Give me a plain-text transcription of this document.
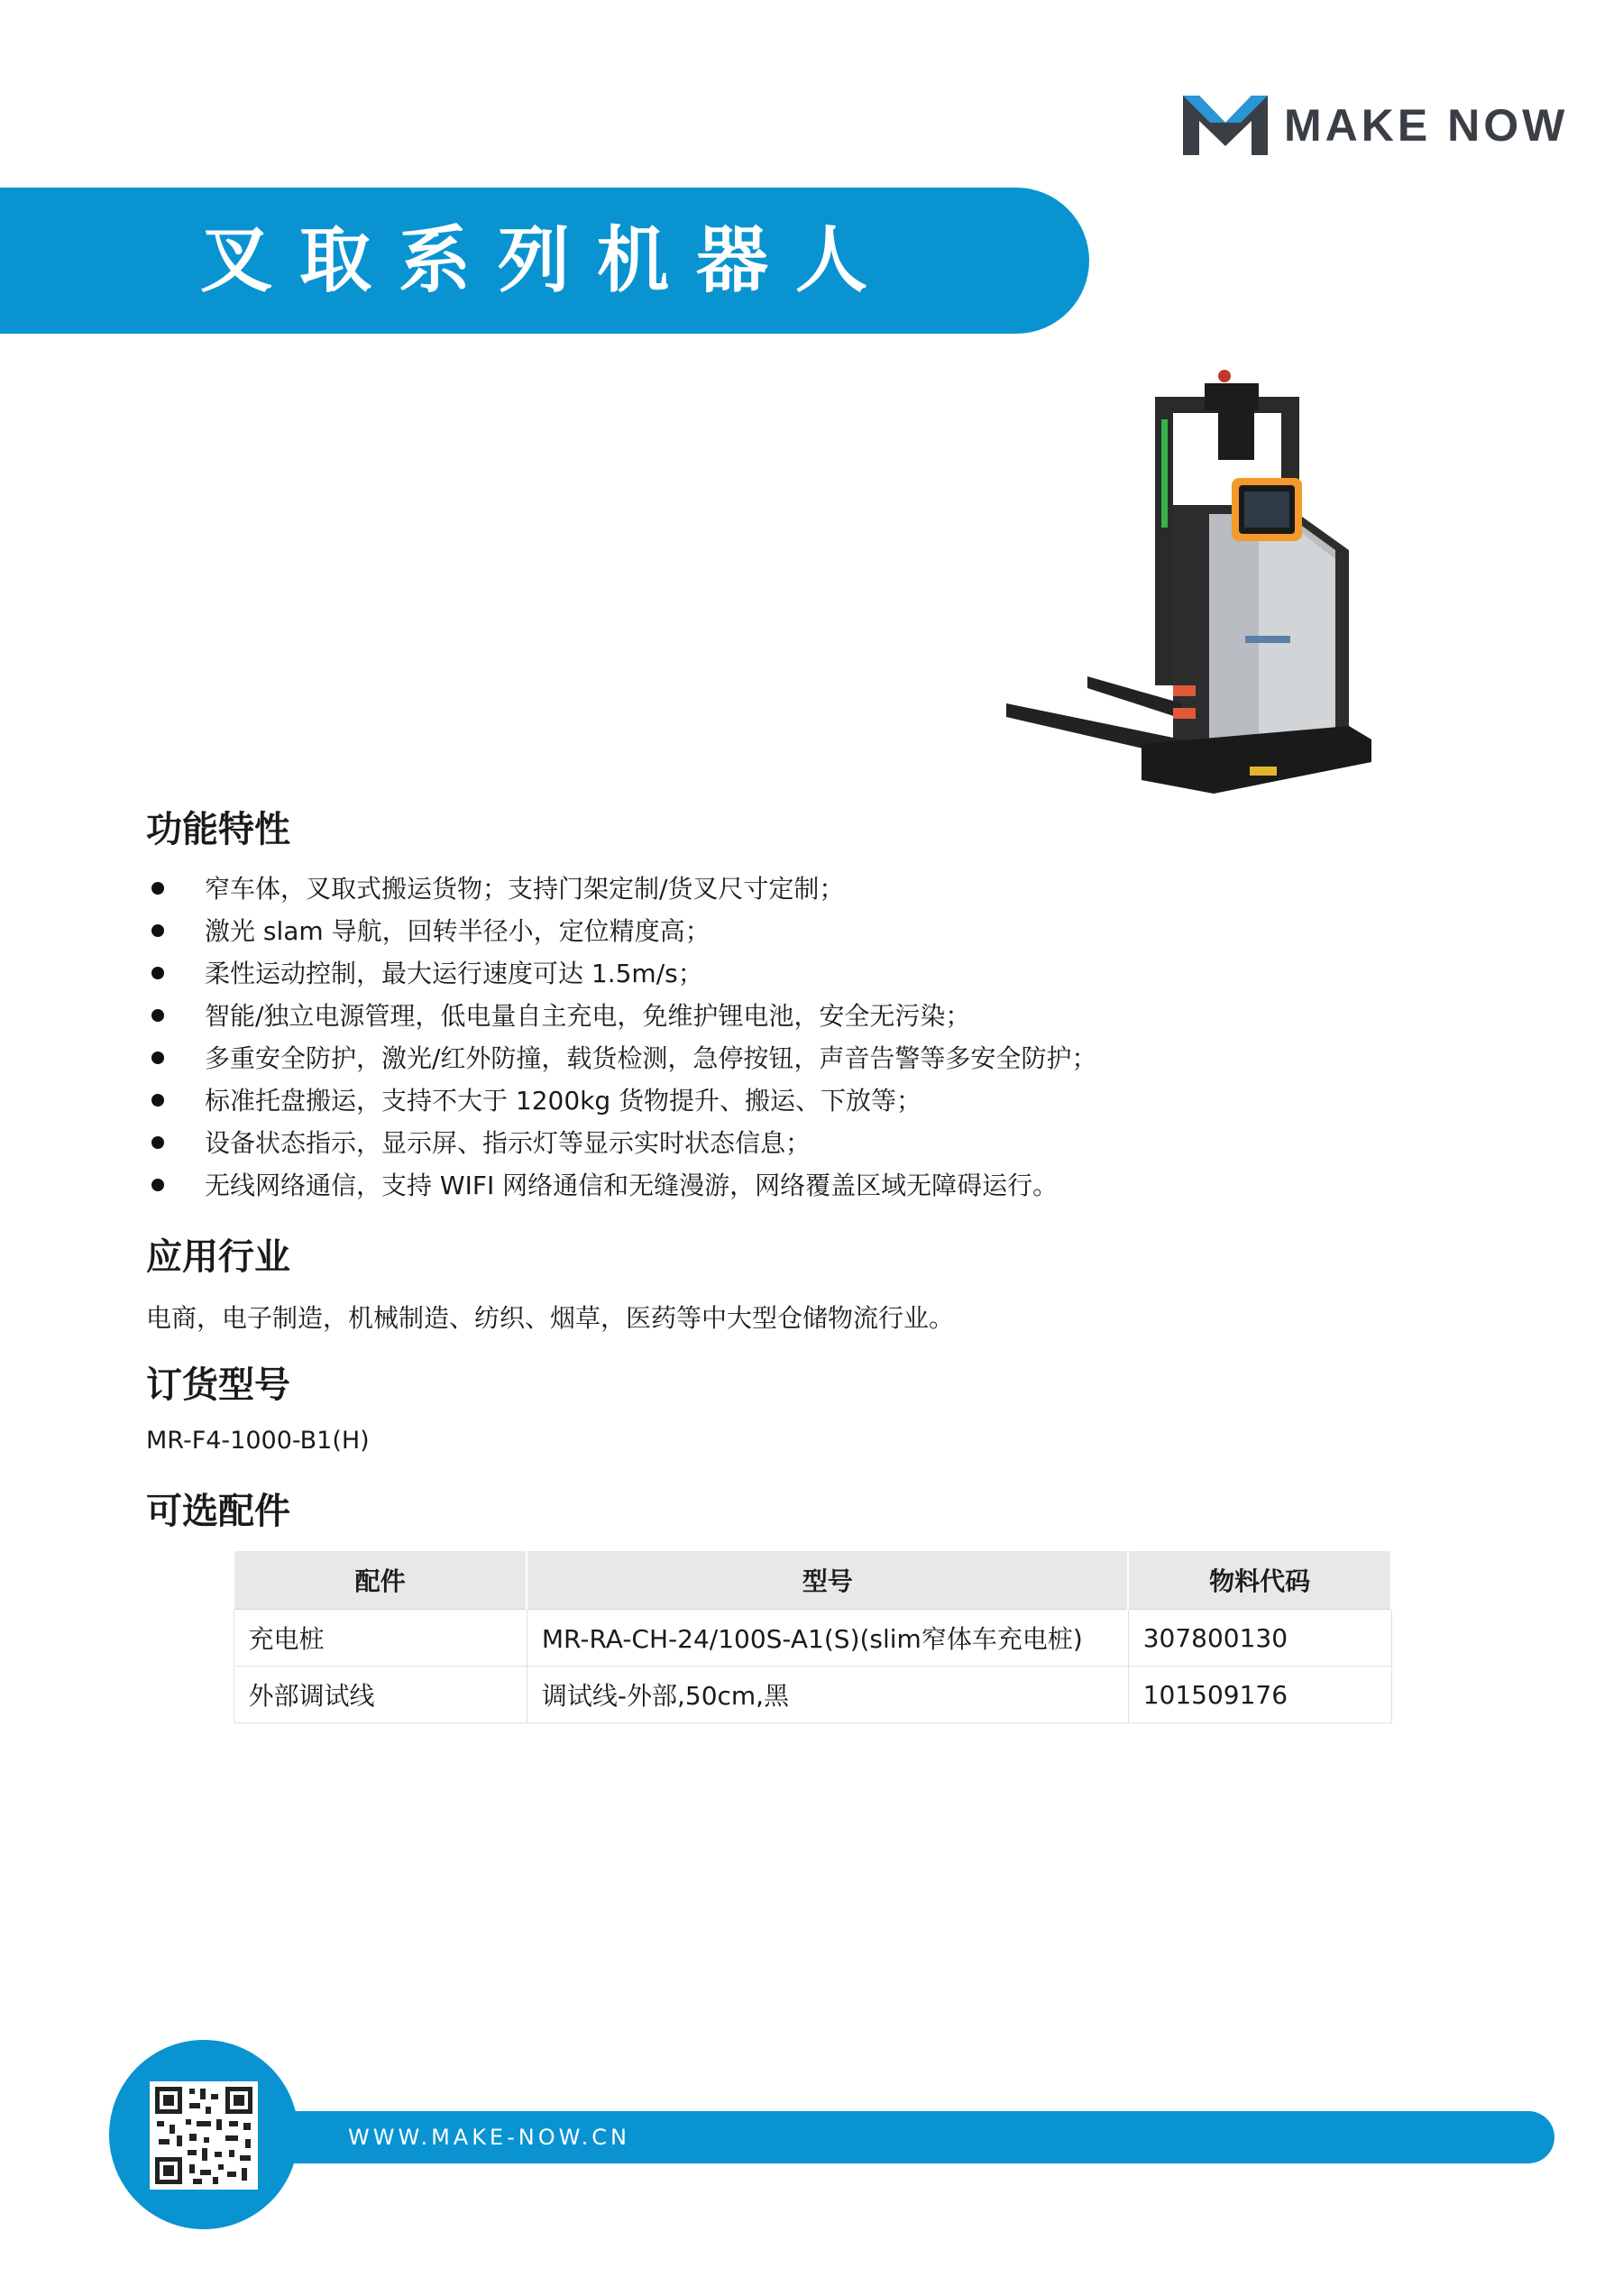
MAKE NOW
叉取系列机器人
功能特性
窄车体，叉取式搬运货物；支持门架定制/货叉尺寸定制；
激光 slam 导航，回转半径小，定位精度高；
柔性运动控制，最大运行速度可达 1.5m/s；
智能/独立电源管理，低电量自主充电，免维护锂电池，安全无污染；
多重安全防护，激光/红外防撞，载货检测，急停按钮，声音告警等多安全防护；
标准托盘搬运，支持不大于 1200kg 货物提升、搬运、下放等；
设备状态指示，显示屏、指示灯等显示实时状态信息；
无线网络通信，支持 WIFI 网络通信和无缝漫游，网络覆盖区域无障碍运行。
应用行业
电商，电子制造，机械制造、纺织、烟草，医药等中大型仓储物流行业。
订货型号
MR-F4-1000-B1(H)
可选配件
配件	型号	物料代码
充电桩	MR-RA-CH-24/100S-A1(S)(slim窄体车充电桩)	307800130
外部调试线	调试线-外部,50cm,黑	101509176
WWW.MAKE-NOW.CN
